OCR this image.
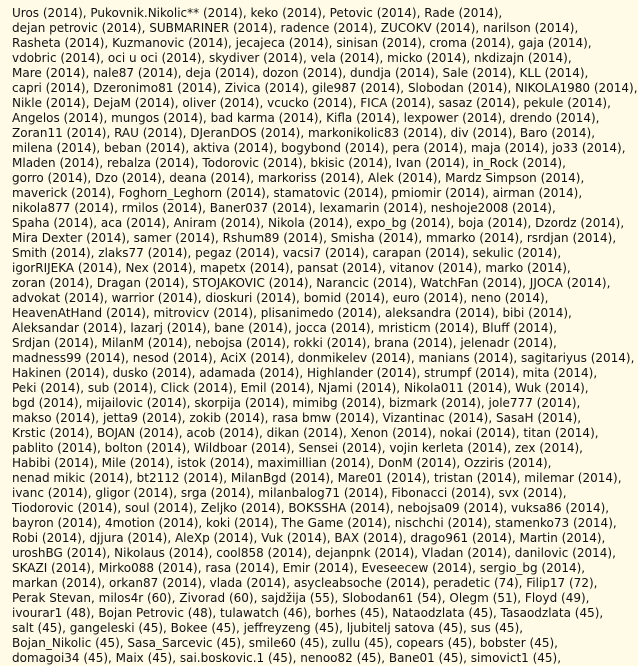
Uros (2014), Pukovnik.Nikolic** (2014), keko (2014), Petovic (2014), Rade (2014),
dejan petrovic (2014), SUBMARINER (2014), radence (2014), ZUCOKV (2014), narilson (2014),
Rasheta (2014), Kuzmanovic (2014), jecajeca (2014), sinisan (2014), croma (2014), gaja (2014),
vdobric (2014), oci u oci (2014), skydiver (2014), vela (2014), micko (2014), nkdizajn (2014),
Mare (2014), nale87 (2014), deja (2014), dozon (2014), dundja (2014), Sale (2014), KLL (2014),
capri (2014), Dzeronimo81 (2014), Zivica (2014), gile987 (2014), Slobodan (2014), NIKOLA1980 (2014),
Nikle (2014), DejaM (2014), oliver (2014), vcucko (2014), FICA (2014), sasaz (2014), pekule (2014),
Angelos (2014), mungos (2014), bad karma (2014), Kifla (2014), lexpower (2014), drendo (2014),
Zoran11 (2014), RAU (2014), DJeranDOS (2014), markonikolic83 (2014), div (2014), Baro (2014),
milena (2014), beban (2014), aktiva (2014), bogybond (2014), pera (2014), maja (2014), jo33 (2014),
Mladen (2014), rebalza (2014), Todorovic (2014), bkisic (2014), Ivan (2014), in_Rock (2014),
gorro (2014), Dzo (2014), deana (2014), markoriss (2014), Alek (2014), Mardz Simpson (2014),
maverick (2014), Foghorn_Leghorn (2014), stamatovic (2014), pmiomir (2014), airman (2014),
nikola877 (2014), rmilos (2014), Baner037 (2014), lexamarin (2014), neshoje2008 (2014),
Spaha (2014), aca (2014), Aniram (2014), Nikola (2014), expo_bg (2014), boja (2014), Dzordz (2014),
Mira Dexter (2014), samer (2014), Rshum89 (2014), Smisha (2014), mmarko (2014), rsrdjan (2014),
Smith (2014), zlaks77 (2014), pegaz (2014), vacsi7 (2014), carapan (2014), sekulic (2014),
igorRIJEKA (2014), Nex (2014), mapetx (2014), pansat (2014), vitanov (2014), marko (2014),
zoran (2014), Dragan (2014), STOJAKOVIC (2014), Narancic (2014), WatchFan (2014), JJOCA (2014),
advokat (2014), warrior (2014), dioskuri (2014), bomid (2014), euro (2014), neno (2014),
HeavenAtHand (2014), mitrovicv (2014), plisanimedo (2014), aleksandra (2014), bibi (2014),
Aleksandar (2014), lazarj (2014), bane (2014), jocca (2014), mristicm (2014), Bluff (2014),
Srdjan (2014), MilanM (2014), nebojsa (2014), rokki (2014), brana (2014), jelenadr (2014),
madness99 (2014), nesod (2014), AciX (2014), donmikelev (2014), manians (2014), sagitariyus (2014),
Hakinen (2014), dusko (2014), adamada (2014), Highlander (2014), strumpf (2014), mita (2014),
Peki (2014), sub (2014), Click (2014), Emil (2014), Njami (2014), Nikola011 (2014), Wuk (2014),
bgd (2014), mijailovic (2014), skorpija (2014), mimibg (2014), bizmark (2014), jole777 (2014),
makso (2014), jetta9 (2014), zokib (2014), rasa bmw (2014), Vizantinac (2014), SasaH (2014),
Krstic (2014), BOJAN (2014), acob (2014), dikan (2014), Xenon (2014), nokai (2014), titan (2014),
pablito (2014), bolton (2014), Wildboar (2014), Sensei (2014), vojin kerleta (2014), zex (2014),
Habibi (2014), Mile (2014), istok (2014), maximillian (2014), DonM (2014), Ozziris (2014),
nenad mikic (2014), bt2112 (2014), MilanBgd (2014), Mare01 (2014), tristan (2014), milemar (2014),
ivanc (2014), gligor (2014), srga (2014), milanbalog71 (2014), Fibonacci (2014), svx (2014),
Tiodorovic (2014), soul (2014), Zeljko (2014), BOKSSHA (2014), nebojsa09 (2014), vuksa86 (2014),
bayron (2014), 4motion (2014), koki (2014), The Game (2014), nischchi (2014), stamenko73 (2014),
Robi (2014), djjura (2014), AleXp (2014), Vuk (2014), BAX (2014), drago961 (2014), Martin (2014),
uroshBG (2014), Nikolaus (2014), cool858 (2014), dejanpnk (2014), Vladan (2014), danilovic (2014),
SKAZI (2014), Mirko088 (2014), rasa (2014), Emir (2014), Eveseecew (2014), sergio_bg (2014),
markan (2014), orkan87 (2014), vlada (2014), asycleabsoche (2014), peradetic (74), Filip17 (72),
Perak Stevan, milos4r (60), Zivorad (60), sajdžija (55), Slobodan61 (54), Olegm (51), Floyd (49),
ivourar1 (48), Bojan Petrovic (48), tulawatch (46), borhes (45), Nataodzlata (45), Tasaodzlata (45),
salt (45), gangeleski (45), Bokee (45), jeffreyzeng (45), ljubitelj satova (45), sus (45),
Bojan_Nikolic (45), Sasa_Sarcevic (45), smile60 (45), zullu (45), copears (45), bobster (45),
domagoi34 (45), Maix (45), sai.boskovic.1 (45), nenoo82 (45), Bane01 (45), simovict1 (45),
